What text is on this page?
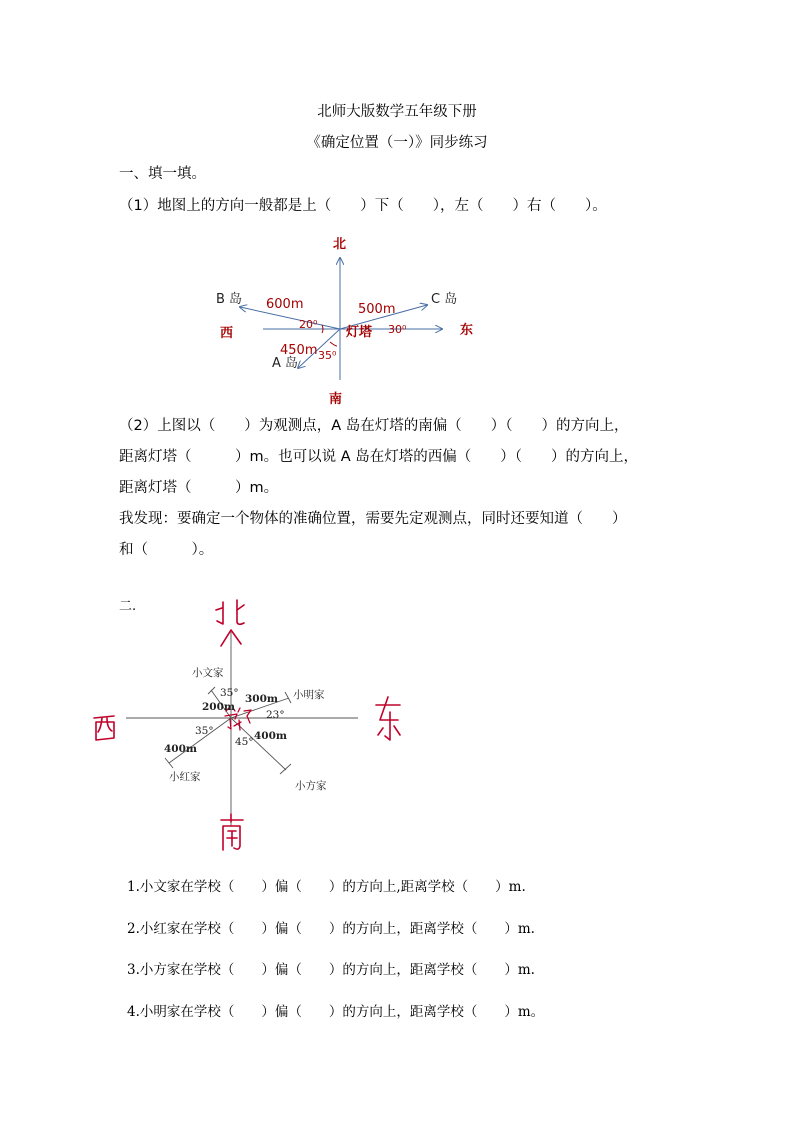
北师大版数学五年级下册
《确定位置（一）》同步练习
一、填一填。
（1）地图上的方向一般都是上（　　）下（　　），左（　　）右（　　）。
北
南
西	东
灯塔
B 岛	C 岛
A 岛
600m	500m
450m
20⁰	30⁰
35⁰
（2）上图以（　　）为观测点，A 岛在灯塔的南偏（　　）（　　）的方向上，
距离灯塔（　　　）m。也可以说 A 岛在灯塔的西偏（　　）（　　）的方向上，
距离灯塔（　　　）m。
我发现：要确定一个物体的准确位置，需要先定观测点，同时还要知道（　　）
和（　　　）。
二.
小文家
小明家
小红家
小方家
200m
300m
400m
400m
35°
23°
35°
45°
1.小文家在学校（　　）偏（　　）的方向上,距离学校（　　）m.
2.小红家在学校（　　）偏（　　）的方向上，距离学校（　　）m.
3.小方家在学校（　　）偏（　　）的方向上，距离学校（　　）m.
4.小明家在学校（　　）偏（　　）的方向上，距离学校（　　）m。
